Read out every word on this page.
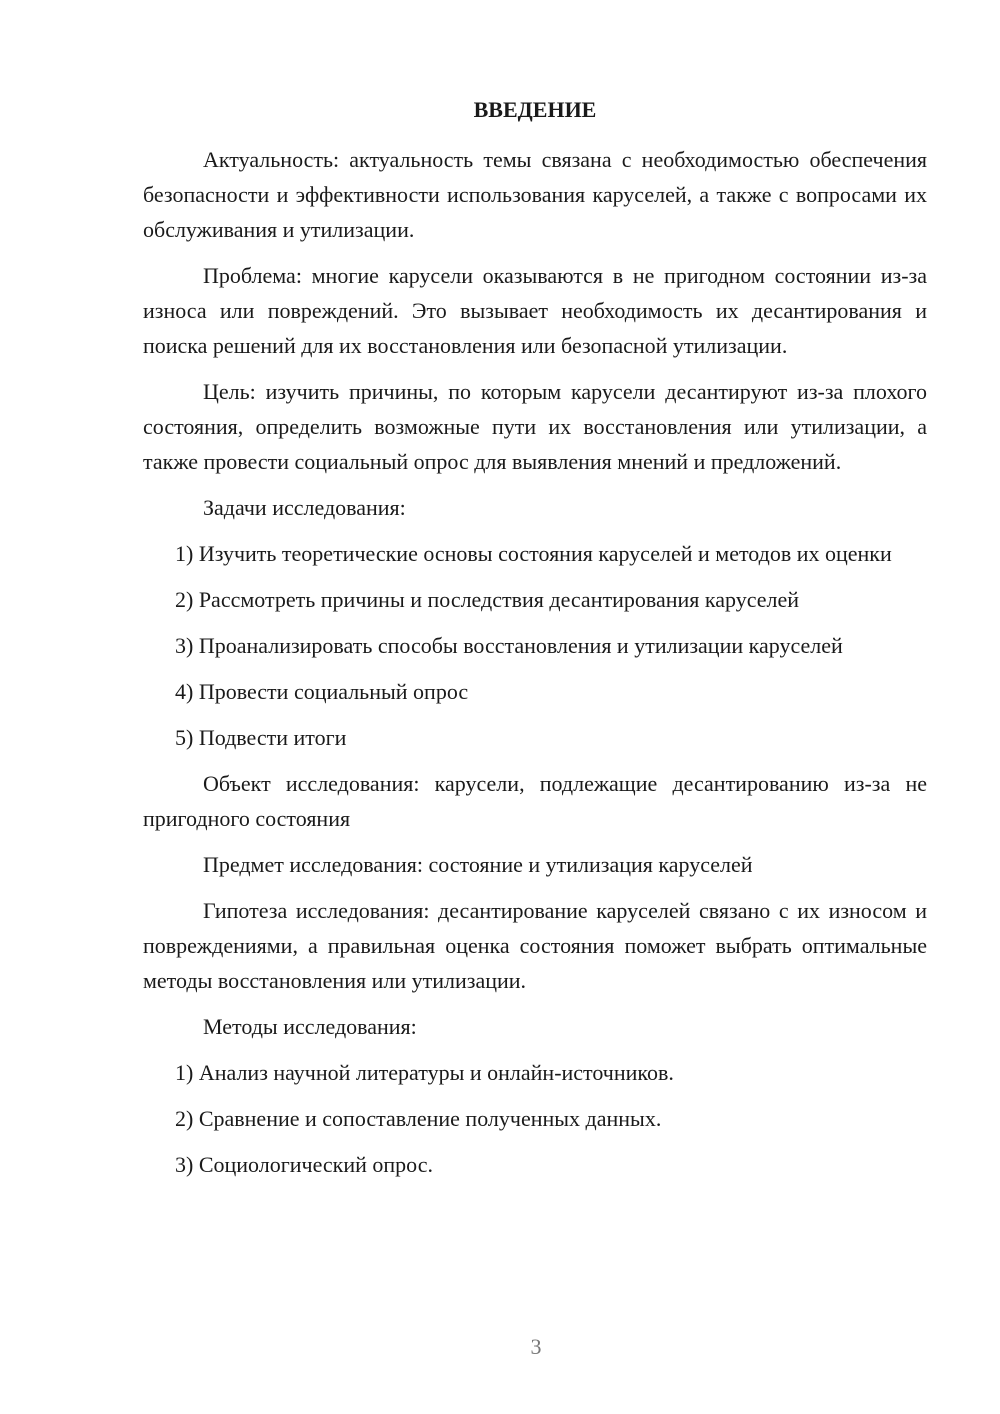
ВВЕДЕНИЕ

Актуальность: актуальность темы связана с необходимостью обеспечения безопасности и эффективности использования каруселей, а также с вопросами их обслуживания и утилизации.

Проблема: многие карусели оказываются в не пригодном состоянии из-за износа или повреждений. Это вызывает необходимость их десантирования и поиска решений для их восстановления или безопасной утилизации.

Цель: изучить причины, по которым карусели десантируют из-за плохого состояния, определить возможные пути их восстановления или утилизации, а также провести социальный опрос для выявления мнений и предложений.

Задачи исследования:

1) Изучить теоретические основы состояния каруселей и методов их оценки

2) Рассмотреть причины и последствия десантирования каруселей

3) Проанализировать способы восстановления и утилизации каруселей

4) Провести социальный опрос

5) Подвести итоги

Объект исследования: карусели, подлежащие десантированию из-за не пригодного состояния

Предмет исследования: состояние и утилизация каруселей

Гипотеза исследования: десантирование каруселей связано с их износом и повреждениями, а правильная оценка состояния поможет выбрать оптимальные методы восстановления или утилизации.

Методы исследования:

1) Анализ научной литературы и онлайн-источников.

2) Сравнение и сопоставление полученных данных.

3) Социологический опрос.

3
